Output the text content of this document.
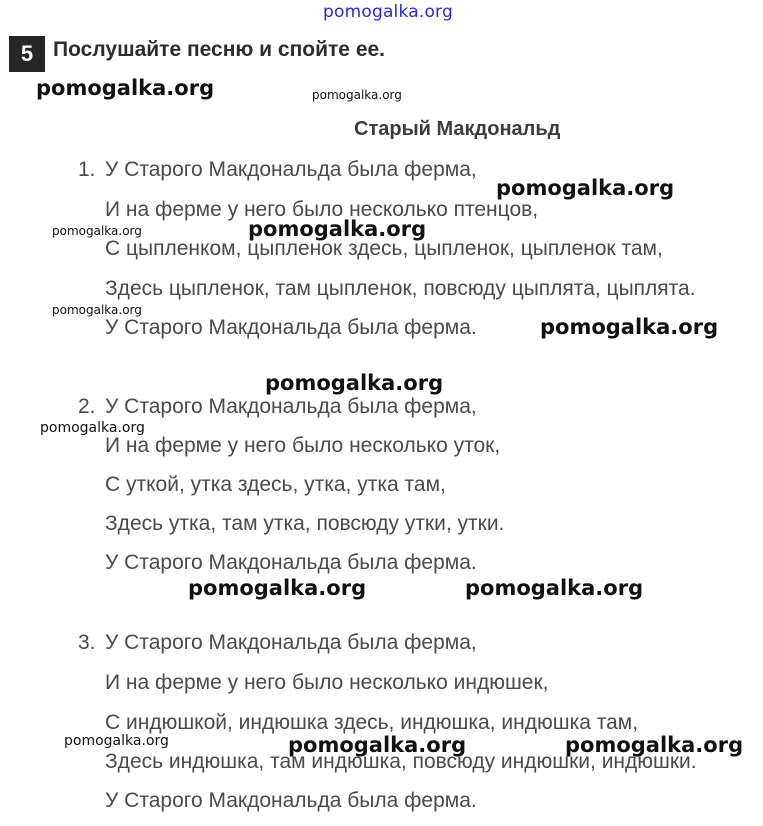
pomogalka.org
5 Послушайте песню и спойте ее.
Старый Макдональд
1. У Старого Макдональда была ферма,
И на ферме у него было несколько птенцов,
С цыпленком, цыпленок здесь, цыпленок, цыпленок там,
Здесь цыпленок, там цыпленок, повсюду цыплята, цыплята.
У Старого Макдональда была ферма.
2. У Старого Макдональда была ферма,
И на ферме у него было несколько уток,
С уткой, утка здесь, утка, утка там,
Здесь утка, там утка, повсюду утки, утки.
У Старого Макдональда была ферма.
3. У Старого Макдональда была ферма,
И на ферме у него было несколько индюшек,
С индюшкой, индюшка здесь, индюшка, индюшка там,
Здесь индюшка, там индюшка, повсюду индюшки, индюшки.
У Старого Макдональда была ферма.
pomogalka.org	pomogalka.org
pomogalka.org
pomogalka.org	pomogalka.org
pomogalka.org
pomogalka.org
pomogalka.org
pomogalka.org
pomogalka.org	pomogalka.org
pomogalka.org	pomogalka.org	pomogalka.org
